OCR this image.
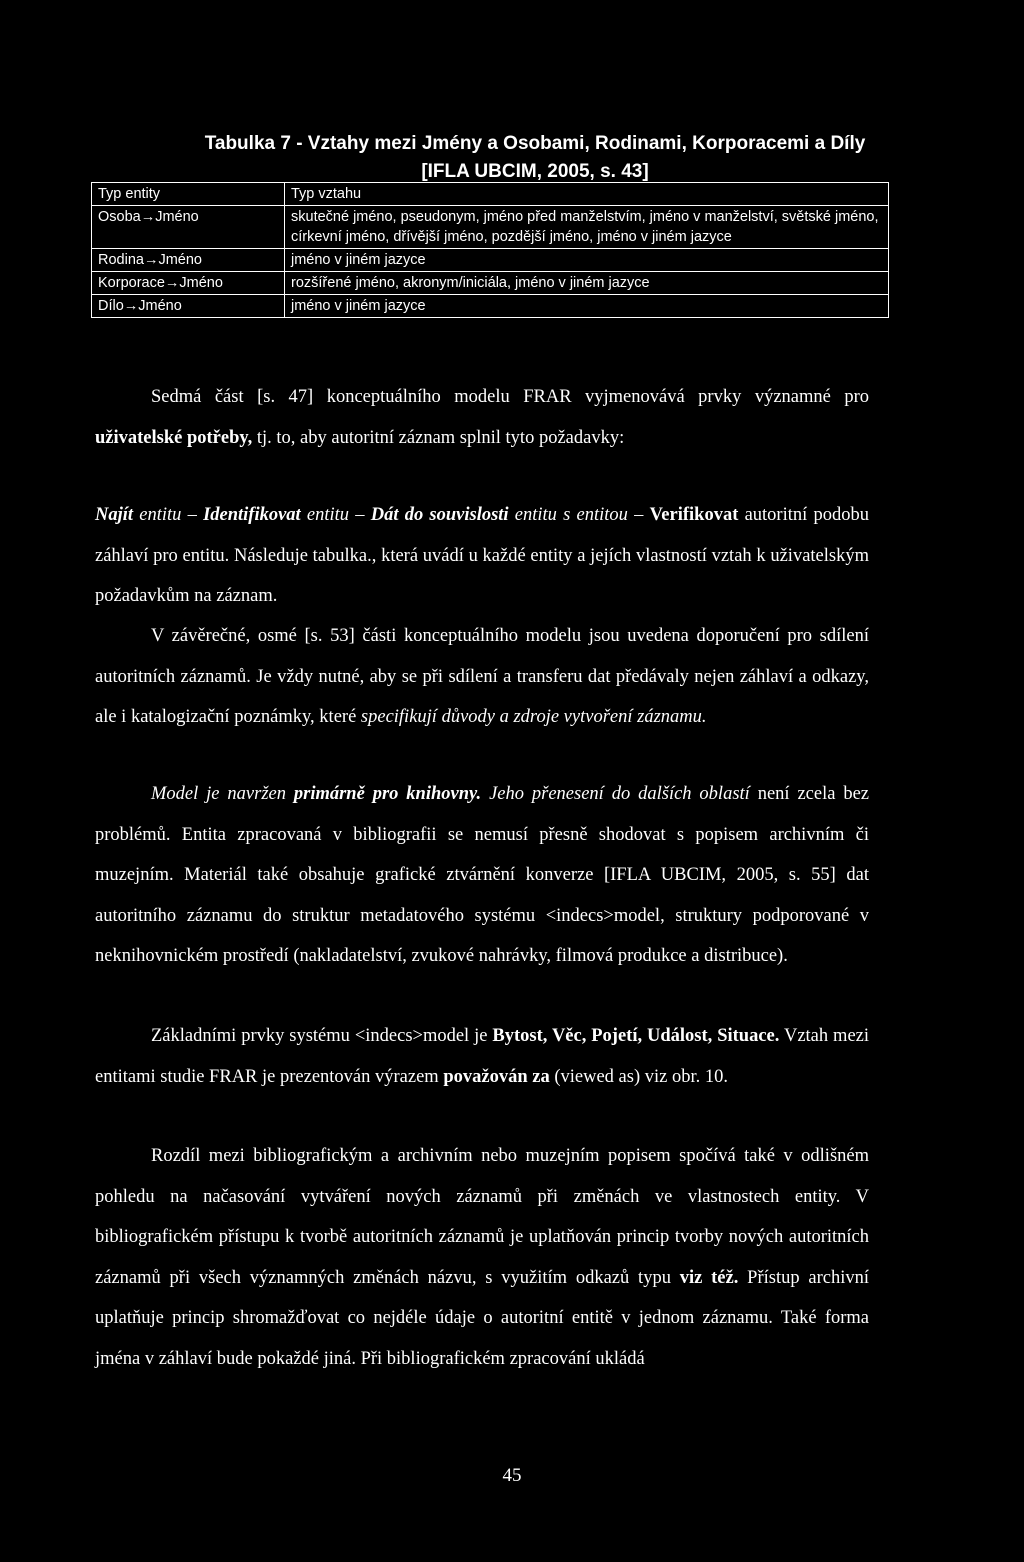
Tabulka 7 - Vztahy mezi Jmény a Osobami, Rodinami, Korporacemi a Díly [IFLA UBCIM, 2005, s. 43]
Typ entity	Typ vztahu
Osoba→Jméno	skutečné jméno, pseudonym, jméno před manželstvím, jméno v manželství, světské jméno, církevní jméno, dřívější jméno, pozdější jméno, jméno v jiném jazyce
Rodina→Jméno	jméno v jiném jazyce
Korporace→Jméno	rozšířené jméno, akronym/iniciála, jméno v jiném jazyce
Dílo→Jméno	jméno v jiném jazyce
Sedmá část [s. 47] konceptuálního modelu FRAR vyjmenovává prvky významné pro uživatelské potřeby, tj. to, aby autoritní záznam splnil tyto požadavky:
Najít entitu – Identifikovat entitu – Dát do souvislosti entitu s entitou – Verifikovat autoritní podobu záhlaví pro entitu. Následuje tabulka., která uvádí u každé entity a jejích vlastností vztah k uživatelským požadavkům na záznam.
V závěrečné, osmé [s. 53] části konceptuálního modelu jsou uvedena doporučení pro sdílení autoritních záznamů. Je vždy nutné, aby se při sdílení a transferu dat předávaly nejen záhlaví a odkazy, ale i katalogizační poznámky, které specifikují důvody a zdroje vytvoření záznamu.
Model je navržen primárně pro knihovny. Jeho přenesení do dalších oblastí není zcela bez problémů. Entita zpracovaná v bibliografii se nemusí přesně shodovat s popisem archivním či muzejním. Materiál také obsahuje grafické ztvárnění konverze [IFLA UBCIM, 2005, s. 55] dat autoritního záznamu do struktur metadatového systému <indecs>model, struktury podporované v neknihovnickém prostředí (nakladatelství, zvukové nahrávky, filmová produkce a distribuce).
Základními prvky systému <indecs>model je Bytost, Věc, Pojetí, Událost, Situace. Vztah mezi entitami studie FRAR je prezentován výrazem považován za (viewed as) viz obr. 10.
Rozdíl mezi bibliografickým a archivním nebo muzejním popisem spočívá také v odlišném pohledu na načasování vytváření nových záznamů při změnách ve vlastnostech entity. V bibliografickém přístupu k tvorbě autoritních záznamů je uplatňován princip tvorby nových autoritních záznamů při všech významných změnách názvu, s využitím odkazů typu viz též. Přístup archivní uplatňuje princip shromažďovat co nejdéle údaje o autoritní entitě v jednom záznamu. Také forma jména v záhlaví bude pokaždé jiná. Při bibliografickém zpracování ukládá
45
